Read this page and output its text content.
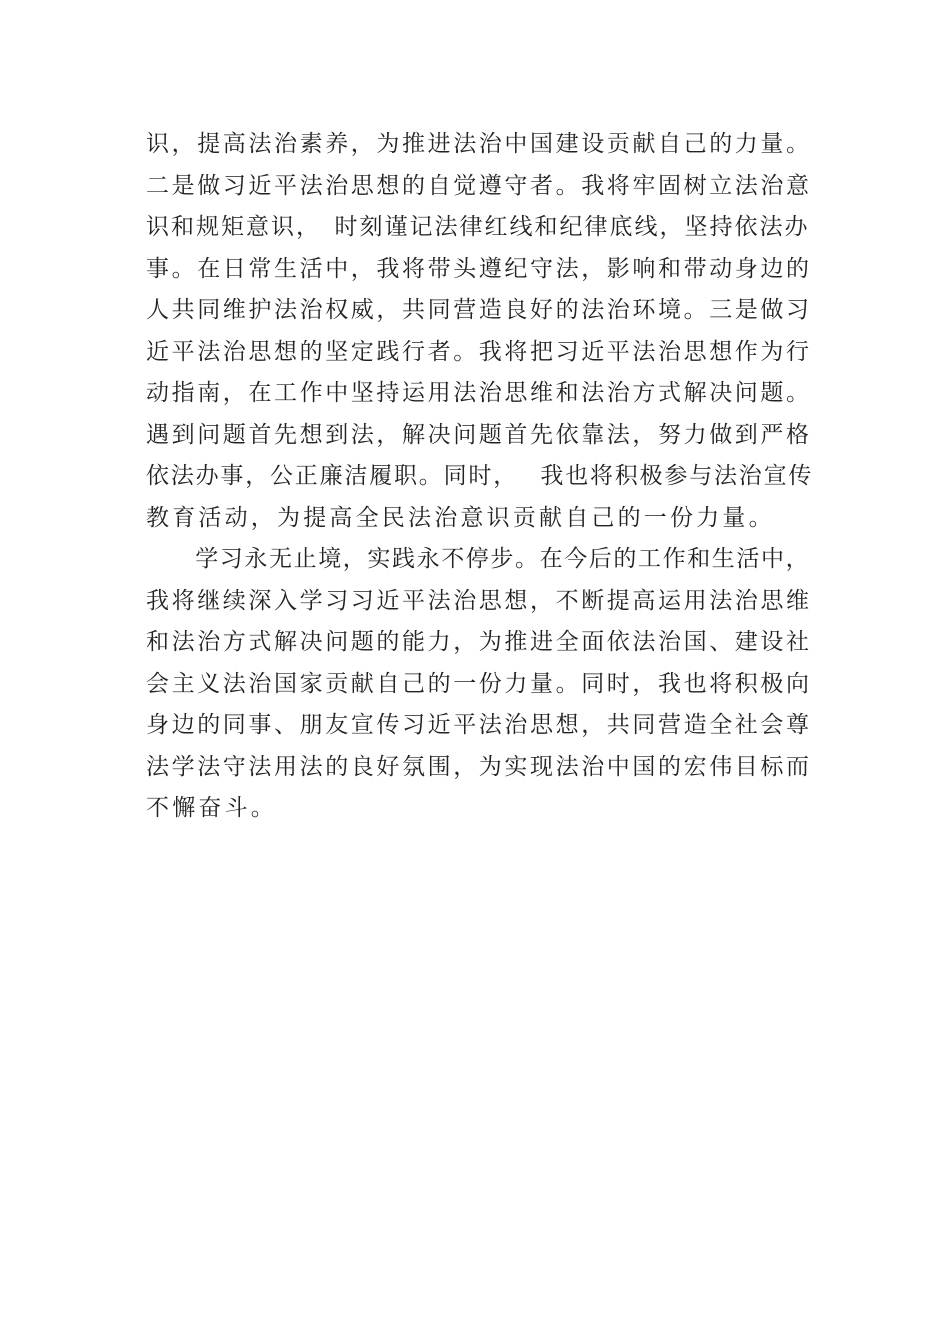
识，提高法治素养，为推进法治中国建设贡献自己的力量。
二是做习近平法治思想的自觉遵守者。我将牢固树立法治意
识和规矩意识，　时刻谨记法律红线和纪律底线，坚持依法办
事。在日常生活中，我将带头遵纪守法，影响和带动身边的
人共同维护法治权威，共同营造良好的法治环境。三是做习
近平法治思想的坚定践行者。我将把习近平法治思想作为行
动指南，在工作中坚持运用法治思维和法治方式解决问题。
遇到问题首先想到法，解决问题首先依靠法，努力做到严格
依法办事，公正廉洁履职。同时，　 我也将积极参与法治宣传
教育活动，为提高全民法治意识贡献自己的一份力量。
　　学习永无止境，实践永不停步。在今后的工作和生活中，
我将继续深入学习习近平法治思想，不断提高运用法治思维
和法治方式解决问题的能力，为推进全面依法治国、建设社
会主义法治国家贡献自己的一份力量。同时，我也将积极向
身边的同事、朋友宣传习近平法治思想，共同营造全社会尊
法学法守法用法的良好氛围，为实现法治中国的宏伟目标而
不懈奋斗。
